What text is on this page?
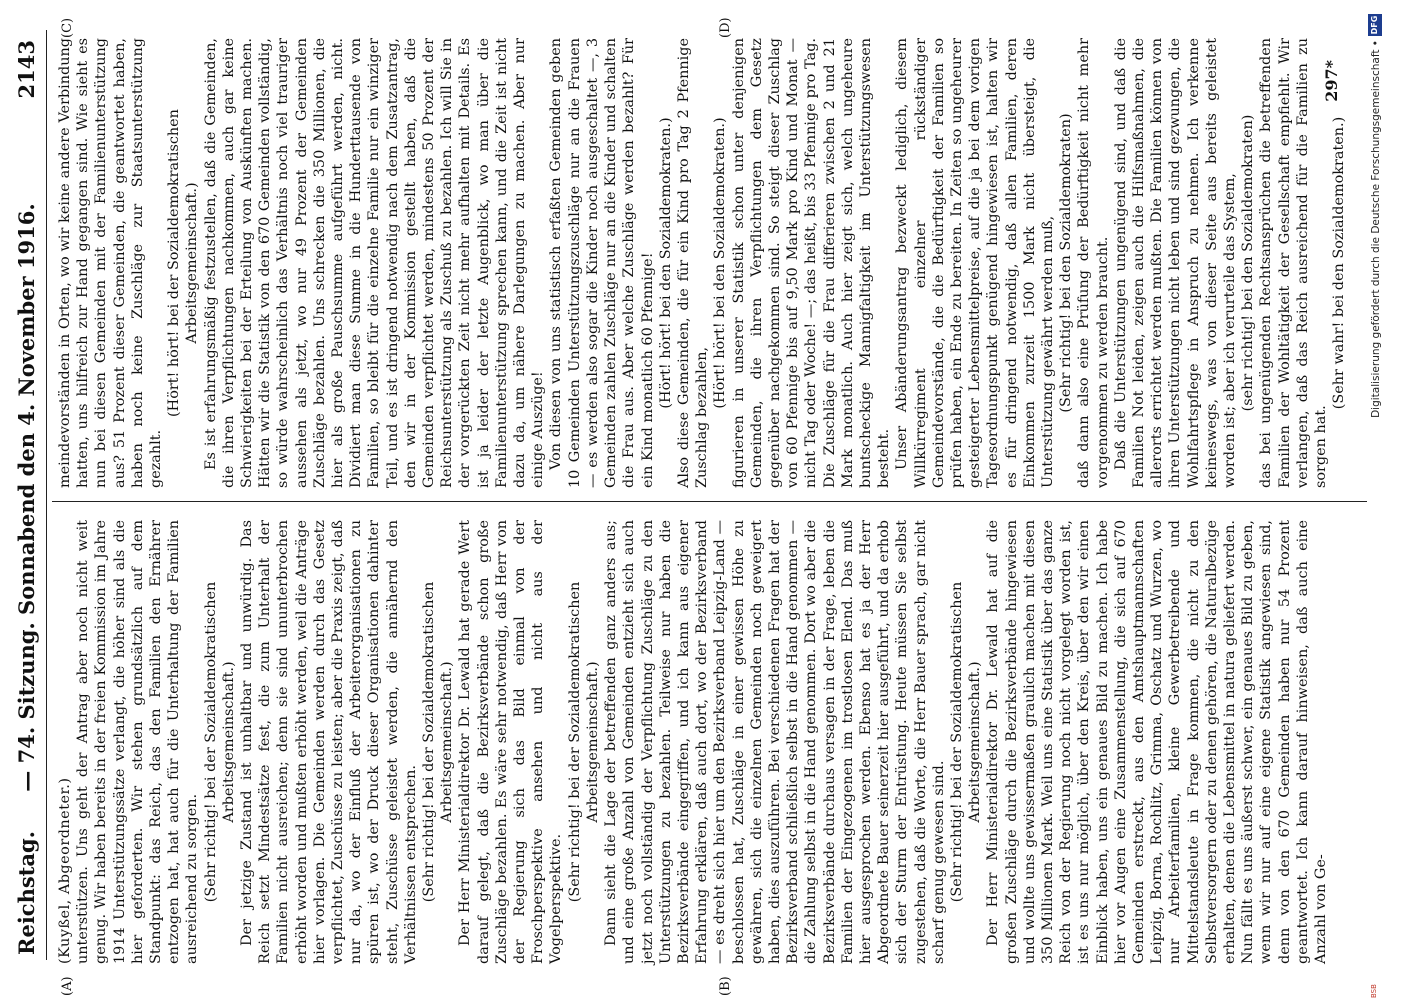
Reichstag.
— 74. Sitzung. Sonnabend den 4. November 1916.
2143
(A)	(B)
(C)	(D)

(Kuyßel, Abgeordneter.) unterstützen. Uns geht der Antrag aber noch nicht weit genug. Wir haben bereits in der freien Kommission im Jahre 1914 Unterstützungssätze verlangt, die höher sind als die hier geforderten. Wir stehen grundsätzlich auf dem Standpunkt: das Reich, das den Familien den Ernährer entzogen hat, hat auch für die Unterhaltung der Familien ausreichend zu sorgen. (Sehr richtig! bei der Sozialdemokratischen Arbeitsgemeinschaft.) Der jetzige Zustand ist unhaltbar und unwürdig. Das Reich setzt Mindestsätze fest, die zum Unterhalt der Familien nicht ausreichen; denn sie sind ununterbrochen erhöht worden und mußten erhöht werden, weil die Anträge hier vorlagen. Die Gemeinden werden durch das Gesetz verpflichtet, Zuschüsse zu leisten; aber die Praxis zeigt, daß nur da, wo der Einfluß der Arbeiterorganisationen zu spüren ist, wo der Druck dieser Organisationen dahinter steht, Zuschüsse geleistet werden, die annähernd den Verhältnissen entsprechen. (Sehr richtig! bei der Sozialdemokratischen Arbeitsgemeinschaft.) Der Herr Ministerialdirektor Dr. Lewald hat gerade Wert darauf gelegt, daß die Bezirksverbände schon große Zuschläge bezahlen. Es wäre sehr notwendig, daß Herr von der Regierung sich das Bild einmal von der Froschperspektive ansehen und nicht aus der Vogelperspektive. (Sehr richtig! bei der Sozialdemokratischen Arbeitsgemeinschaft.) Dann sieht die Lage der betreffenden ganz anders aus; und eine große Anzahl von Gemeinden entzieht sich auch jetzt noch vollständig der Verpflichtung Zuschläge zu den Unterstützungen zu bezahlen. Teilweise nur haben die Bezirksverbände eingegriffen, und ich kann aus eigener Erfahrung erklären, daß auch dort, wo der Bezirksverband — es dreht sich hier um den Bezirksverband Leipzig-Land — beschlossen hat, Zuschläge in einer gewissen Höhe zu gewähren, sich die einzelnen Gemeinden noch geweigert haben, dies auszuführen. Bei verschiedenen Fragen hat der Bezirksverband schließlich selbst in die Hand genommen — die Zahlung selbst in die Hand genommen. Dort wo aber die Bezirksverbände durchaus versagen in der Frage, leben die Familien der Eingezogenen im trostlosen Elend. Das muß hier ausgesprochen werden. Ebenso hat es ja der Herr Abgeordnete Bauer seinerzeit hier ausgeführt, und da erhob sich der Sturm der Entrüstung. Heute müssen Sie selbst zugestehen, daß die Worte, die Herr Bauer sprach, gar nicht scharf genug gewesen sind. (Sehr richtig! bei der Sozialdemokratischen Arbeitsgemeinschaft.) Der Herr Ministerialdirektor Dr. Lewald hat auf die großen Zuschläge durch die Bezirksverbände hingewiesen und wollte uns gewissermaßen graulich machen mit diesen 350 Millionen Mark. Weil uns eine Statistik über das ganze Reich von der Regierung noch nicht vorgelegt worden ist, ist es uns nur möglich, über den Kreis, über den wir einen Einblick haben, uns ein genaues Bild zu machen. Ich habe hier vor Augen eine Zusammenstellung, die sich auf 670 Gemeinden erstreckt, aus den Amtshauptmannschaften Leipzig, Borna, Rochlitz, Grimma, Oschatz und Wurzen, wo nur Arbeiterfamilien, kleine Gewerbetreibende und Mittelstandsleute in Frage kommen, die nicht zu den Selbstversorgern oder zu denen gehören, die Naturalbezüge erhalten, denen die Lebensmittel in natura geliefert werden. Nun fällt es uns äußerst schwer, ein genaues Bild zu geben, wenn wir nur auf eine eigene Statistik angewiesen sind, denn von den 670 Gemeinden haben nur 54 Prozent geantwortet. Ich kann darauf hinweisen, daß auch eine Anzahl von Ge-

meindevorständen in Orten, wo wir keine andere Verbindung hatten, uns hilfreich zur Hand gegangen sind. Wie sieht es nun bei diesen Gemeinden mit der Familienunterstützung aus? 51 Prozent dieser Gemeinden, die geantwortet haben, haben noch keine Zuschläge zur Staatsunterstützung gezahlt.

(Hört! hört! bei der Sozialdemokratischen Arbeitsgemeinschaft.) Es ist erfahrungsmäßig festzustellen, daß die Gemeinden, die ihren Verpflichtungen nachkommen, auch gar keine Schwierigkeiten bei der Erteilung von Auskünften machen. Hätten wir die Statistik von den 670 Gemeinden vollständig, so würde wahrscheinlich das Verhältnis noch viel trauriger aussehen als jetzt, wo nur 49 Prozent der Gemeinden Zuschläge bezahlen. Uns schrecken die 350 Millionen, die hier als große Pauschsumme aufgeführt werden, nicht. Dividiert man diese Summe in die Hunderttausende von Familien, so bleibt für die einzelne Familie nur ein winziger Teil, und es ist dringend notwendig nach dem Zusatzantrag, den wir in der Kommission gestellt haben, daß die Gemeinden verpflichtet werden, mindestens 50 Prozent der Reichsunterstützung als Zuschuß zu bezahlen. Ich will Sie in der vorgerückten Zeit nicht mehr aufhalten mit Details. Es ist ja leider der letzte Augenblick, wo man über die Familienunterstützung sprechen kann, und die Zeit ist nicht dazu da, um nähere Darlegungen zu machen. Aber nur einige Auszüge! Von diesen von uns statistisch erfaßten Gemeinden geben 10 Gemeinden Unterstützungszuschläge nur an die Frauen — es werden also sogar die Kinder noch ausgeschaltet —, 3 Gemeinden zahlen Zuschläge nur an die Kinder und schalten die Frau aus. Aber welche Zuschläge werden bezahlt? Für ein Kind monatlich 60 Pfennige! (Hört! hört! bei den Sozialdemokraten.) Also diese Gemeinden, die für ein Kind pro Tag 2 Pfennige Zuschlag bezahlen,

(Hört! hört! bei den Sozialdemokraten.) figurieren in unserer Statistik schon unter denjenigen Gemeinden, die ihren Verpflichtungen dem Gesetz gegenüber nachgekommen sind. So steigt dieser Zuschlag von 60 Pfennige bis auf 9,50 Mark pro Kind und Monat — nicht Tag oder Woche! —; das heißt, bis 33 Pfennige pro Tag. Die Zuschläge für die Frau differieren zwischen 2 und 21 Mark monatlich. Auch hier zeigt sich, welch ungeheure buntscheckige Mannigfaltigkeit im Unterstützungswesen besteht. Unser Abänderungsantrag bezweckt lediglich, diesem Willkürregiment einzelner rückständiger Gemeindevorstände, die die Bedürftigkeit der Familien so prüfen haben, ein Ende zu bereiten. In Zeiten so ungeheurer gesteigerter Lebensmittelpreise, auf die ja bei dem vorigen Tagesordnungspunkt genügend hingewiesen ist, halten wir es für dringend notwendig, daß allen Familien, deren Einkommen zurzeit 1500 Mark nicht übersteigt, die Unterstützung gewährt werden muß, (Sehr richtig! bei den Sozialdemokraten) daß dann also eine Prüfung der Bedürftigkeit nicht mehr vorgenommen zu werden braucht. Daß die Unterstützungen ungenügend sind, und daß die Familien Not leiden, zeigen auch die Hilfsmaßnahmen, die allerorts errichtet werden mußten. Die Familien können von ihren Unterstützungen nicht leben und sind gezwungen, die Wohlfahrtspflege in Anspruch zu nehmen. Ich verkenne keineswegs, was von dieser Seite aus bereits geleistet worden ist; aber ich verurteile das System, (sehr richtig! bei den Sozialdemokraten) das bei ungenügenden Rechtsansprüchen die betreffenden Familien der Wohltätigkeit der Gesellschaft empfiehlt. Wir verlangen, daß das Reich ausreichend für die Familien zu sorgen hat.

(Sehr wahr! bei den Sozialdemokraten.)

297*
BSB
Digitalisierung gefördert durch die Deutsche Forschungsgemeinschaft •
DFG
